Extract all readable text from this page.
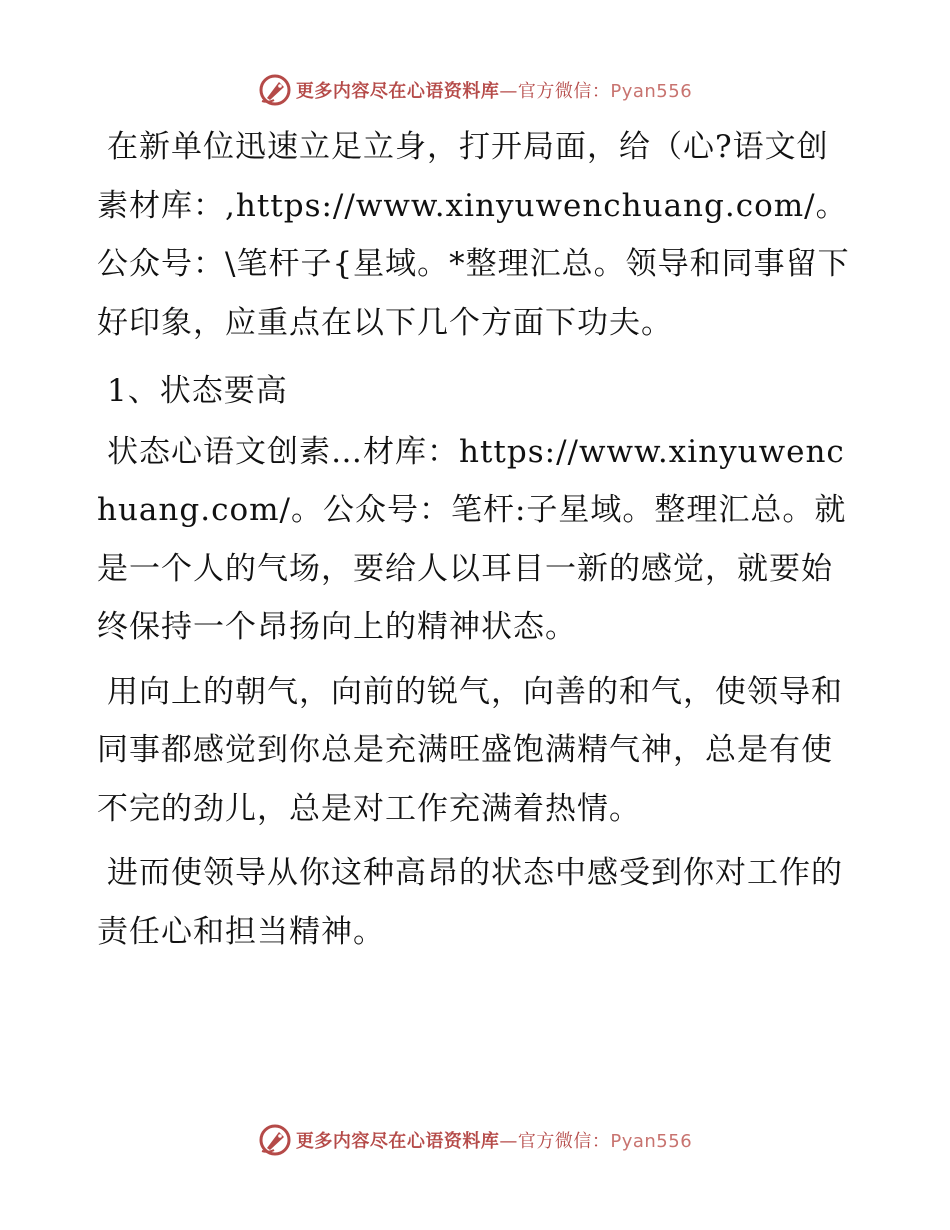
更多内容尽在心语资料库—官方微信：Pyan556

在新单位迅速立足立身，打开局面，给（心?语文创素材库：,https://www.xinyuwenchuang.com/。公众号：\笔杆子{星域。*整理汇总。领导和同事留下好印象，应重点在以下几个方面下功夫。

1、状态要高

状态心语文创素…材库：https://www.xinyuwenchuang.com/。公众号：笔杆:子星域。整理汇总。就是一个人的气场，要给人以耳目一新的感觉，就要始终保持一个昂扬向上的精神状态。

用向上的朝气，向前的锐气，向善的和气，使领导和同事都感觉到你总是充满旺盛饱满精气神，总是有使不完的劲儿，总是对工作充满着热情。

进而使领导从你这种高昂的状态中感受到你对工作的责任心和担当精神。

更多内容尽在心语资料库—官方微信：Pyan556
